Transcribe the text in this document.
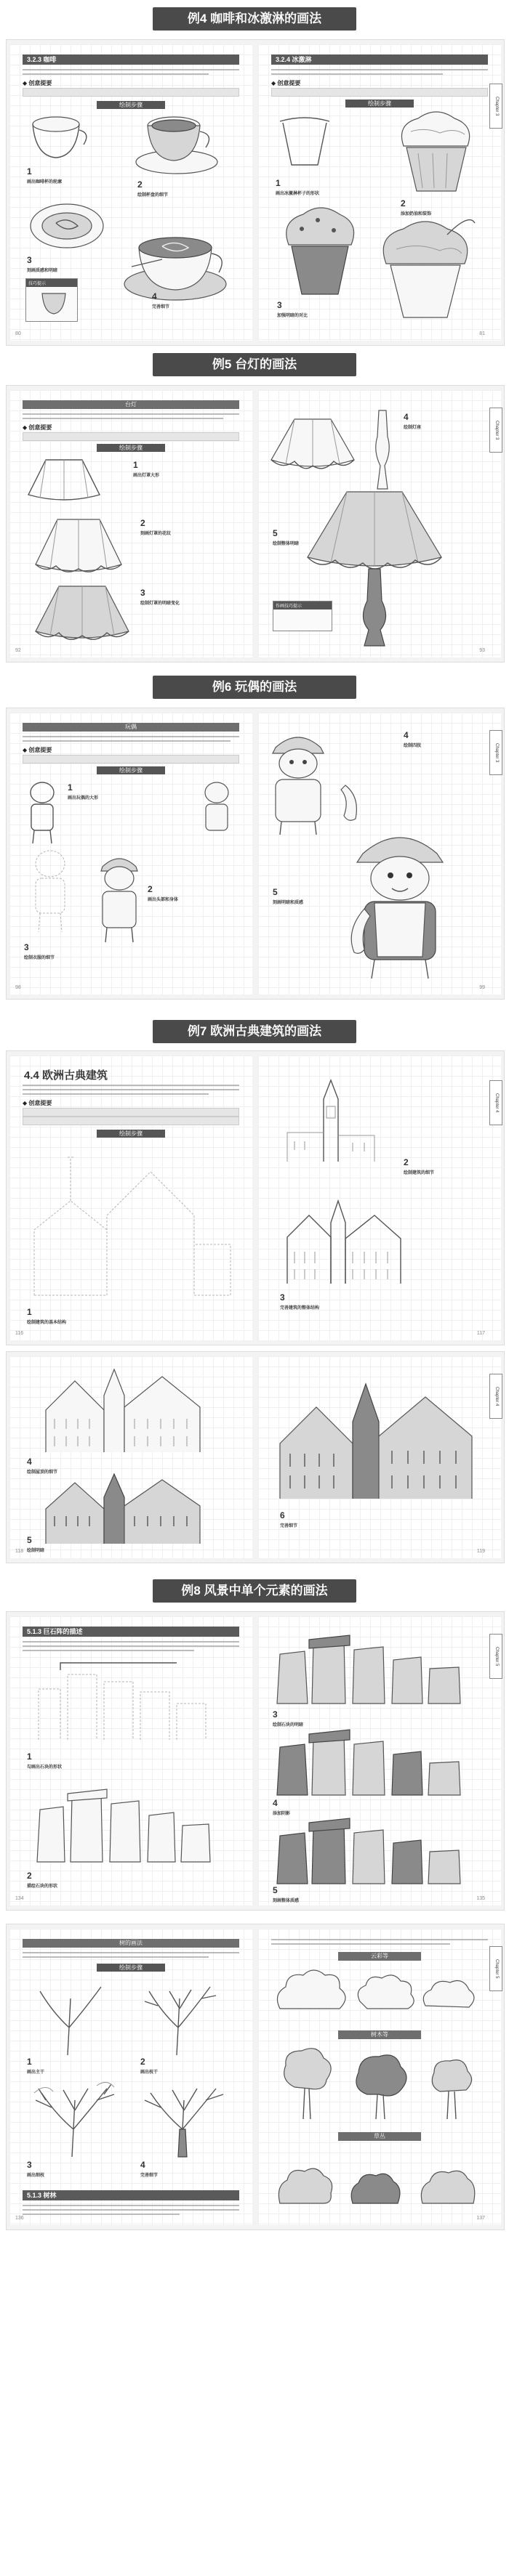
例4 咖啡和冰激淋的画法
3.2.3 咖啡
◆ 创意提要
绘制步骤
1
画出咖啡杯的轮廓	2
绘制杯盘的细节
3
刻画质感和明暗
技巧提示
4
完善细节
80
3.2.4 冰激淋
◆ 创意提要
绘制步骤
1
画出冰激淋杯子的形状
2
添加奶油和装饰
3
加强明暗的对比
81
Chapter 3
例5 台灯的画法
台灯
◆ 创意提要
绘制步骤
1
画出灯罩大形
2
刻画灯罩的花纹
3
绘制灯罩的明暗变化
92
4
绘制灯座
5
绘制整体明暗
作画技巧提示
93
Chapter 3
例6 玩偶的画法
玩偶
◆ 创意提要
绘制步骤
1
画出玩偶的大形
2
画出头部和身体
3
绘制衣服的细节
98
4
绘制四肢
5
刻画明暗和质感
99
Chapter 3
例7 欧洲古典建筑的画法
4.4 欧洲古典建筑
◆ 创意提要
绘制步骤
1
绘制建筑的基本结构
116
2
绘制建筑的细节
3
完善建筑的整体结构
117
Chapter 4
4
绘制屋顶的细节
5
绘制明暗
118
6
完善细节
119
Chapter 4
例8 风景中单个元素的画法
5.1.3 巨石阵的描述
1
勾画出石块的形状
2
描绘石块的形状
134
3
绘制石块的明暗
4
添加阴影
5
刻画整体质感	135
Chapter 5
树的画法
绘制步骤
1
画出主干
2
画出枝干
3
画出细枝
4
完善细节
5.1.3 树林
136
云彩等
树木等
草丛
137
Chapter 5
